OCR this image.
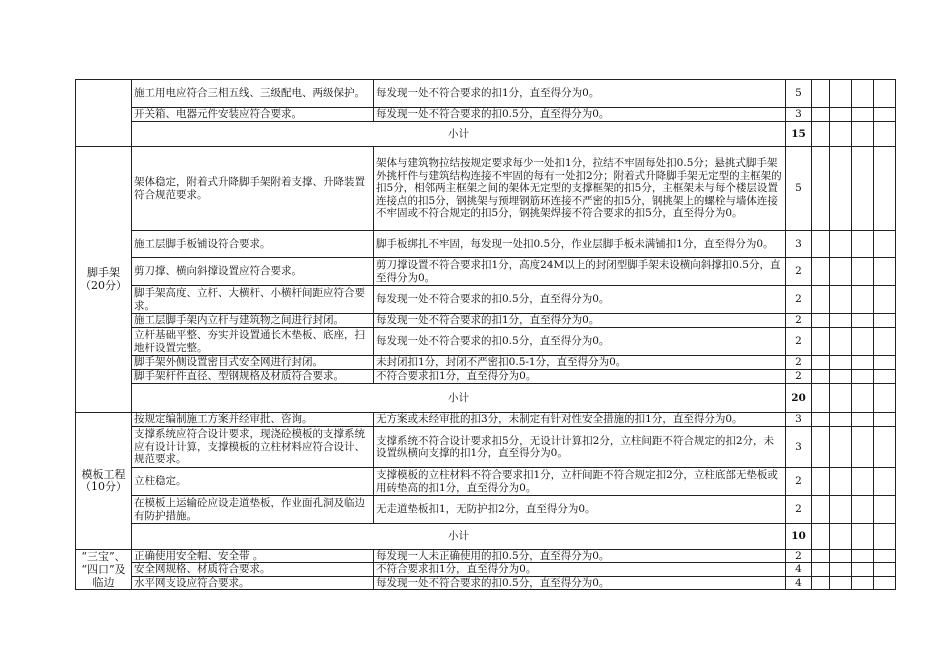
	施工用电应符合三相五线、三级配电、两级保护。	每发现一处不符合要求的扣1分，直至得分为0。	5				
	开关箱、电器元件安装应符合要求。	每发现一处不符合要求的扣0.5分，直至得分为0。	3				
	小计		15				

脚手架
（20分）	架体稳定，附着式升降脚手架附着支撑、升降装置符合规范要求。	架体与建筑物拉结按规定要求每少一处扣1分，拉结不牢固每处扣0.5分；悬挑式脚手架外挑杆件与建筑结构连接不牢固的每有一处扣2分；附着式升降脚手架无定型的主框架的扣5分，相邻两主框架之间的架体无定型的支撑框架的扣5分，主框架未与每个楼层设置连接点的扣5分，钢挑架与预埋钢筋环连接不严密的扣5分，钢挑架上的螺栓与墙体连接不牢固或不符合规定的扣5分，钢挑架焊接不符合要求的扣5分，直至得分为0。	5				
	施工层脚手板铺设符合要求。	脚手板绑扎不牢固，每发现一处扣0.5分，作业层脚手板未满铺扣1分，直至得分为0。	3				
	剪刀撑、横向斜撑设置应符合要求。	剪刀撑设置不符合要求扣1分，高度24M以上的封闭型脚手架未设横向斜撑扣0.5分，直至得分为0。	2				
	脚手架高度、立杆、大横杆、小横杆间距应符合要求。	每发现一处不符合要求的扣0.5分，直至得分为0。	2				
	施工层脚手架内立杆与建筑物之间进行封闭。	每发现一处不符合要求的扣1分，直至得分为0。	2				
	立杆基础平整、夯实并设置通长木垫板、底座，扫地杆设置完整。	每发现一处不符合要求的扣0.5分，直至得分为0。	2				
	脚手架外侧设置密目式安全网进行封闭。	未封闭扣1分，封闭不严密扣0.5-1分，直至得分为0。	2				
	脚手架杆件直径、型钢规格及材质符合要求。	不符合要求扣1分，直至得分为0。	2				
	小计		20				

模板工程
（10分）	按规定编制施工方案并经审批、咨询。	无方案或未经审批的扣3分，未制定有针对性安全措施的扣1分，直至得分为0。	3				
	支撑系统应符合设计要求，现浇砼模板的支撑系统应有设计计算，支撑模板的立柱材料应符合设计、规范要求。	支撑系统不符合设计要求扣5分，无设计计算扣2分，立柱间距不符合规定的扣2分，未设置纵横向支撑的扣1分，直至得分为0。	3				
	立柱稳定。	支撑模板的立柱材料不符合要求扣1分，立杆间距不符合规定扣2分，立柱底部无垫板或用砖垫高的扣1分，直至得分为0。	2				
	在模板上运输砼应设走道垫板，作业面孔洞及临边有防护措施。	无走道垫板扣1，无防护扣2分，直至得分为0。	2				
	小计		10				

“三宝”、
“四口”及
临边	正确使用安全帽、安全带 。	每发现一人未正确使用的扣0.5分，直至得分为0。	2				
	安全网规格、材质符合要求。	不符合要求扣1分，直至得分为0。	4				
	水平网支设应符合要求。	每发现一处不符合要求的扣0.5分，直至得分为0。	4				
